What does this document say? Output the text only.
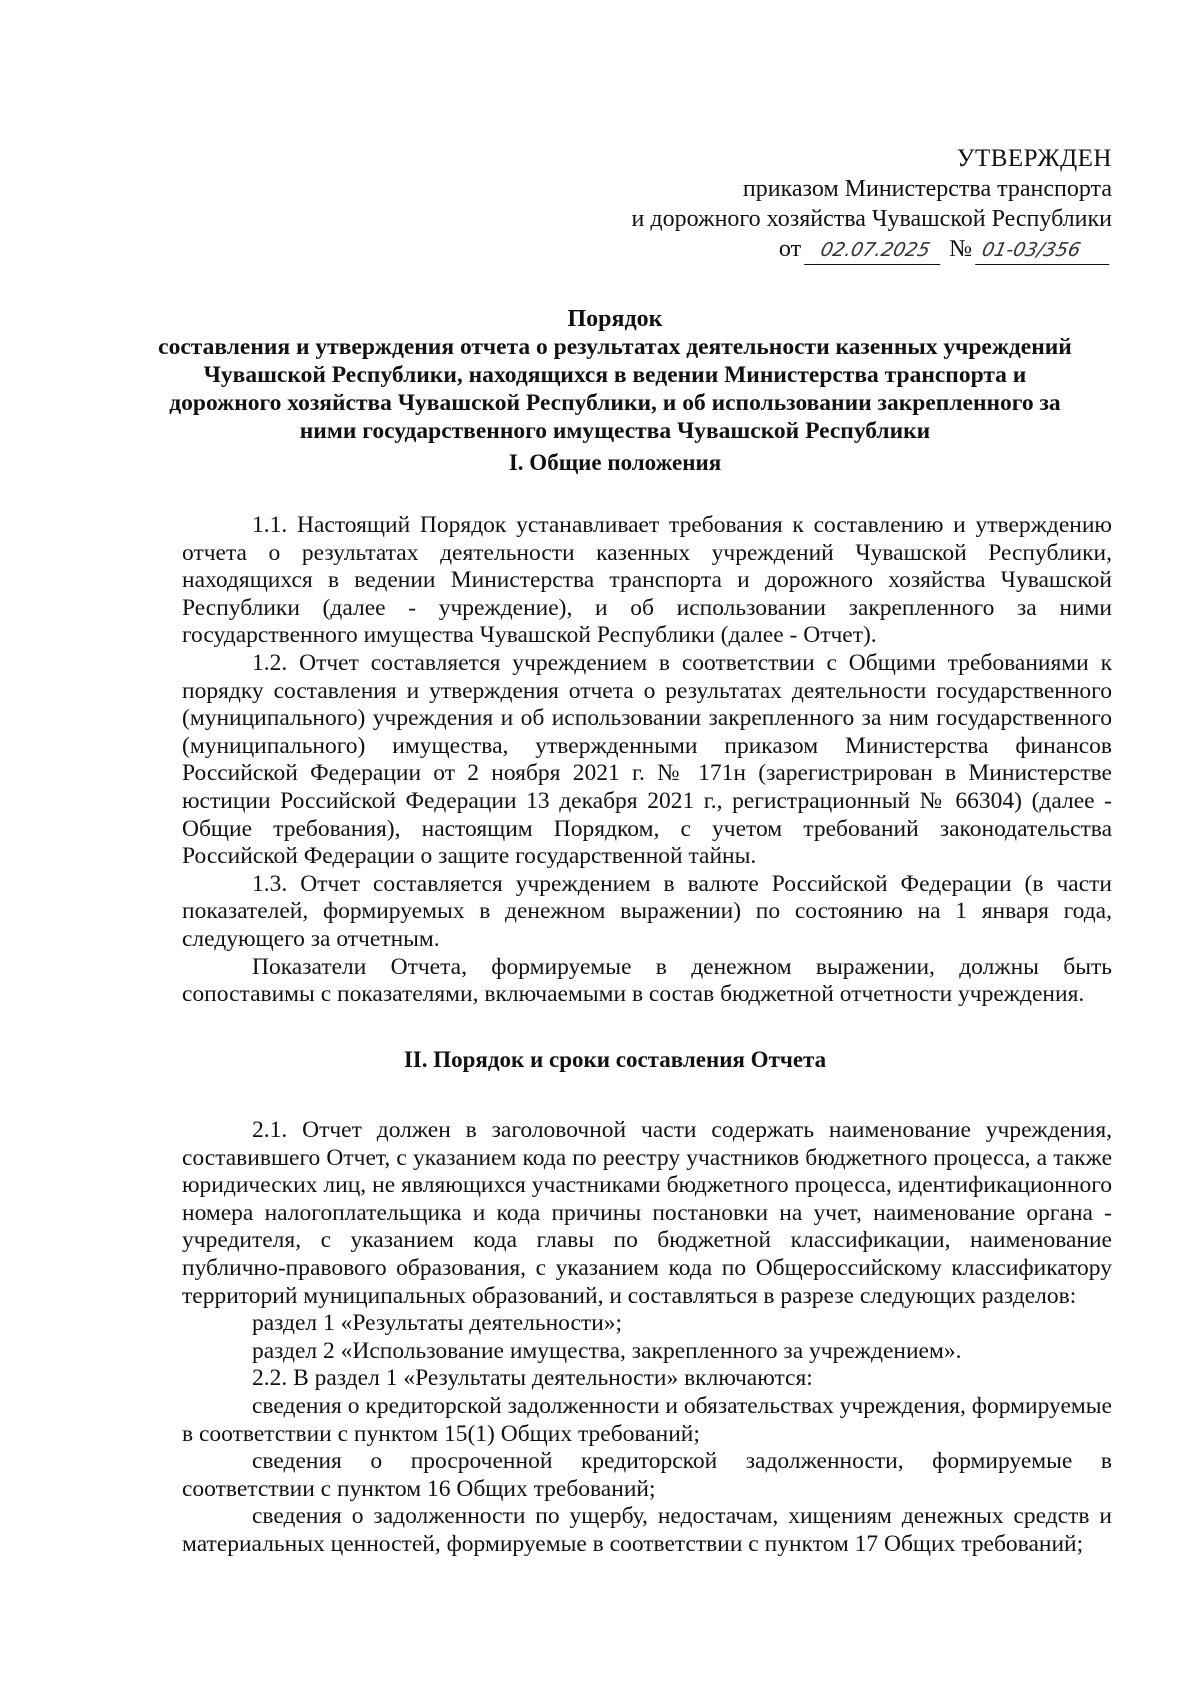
УТВЕРЖДЕН
приказом Министерства транспорта
и дорожного хозяйства Чувашской Республики
от 02.07.2025 № 01-03/356
Порядок
составления и утверждения отчета о результатах деятельности казенных учреждений Чувашской Республики, находящихся в ведении Министерства транспорта и дорожного хозяйства Чувашской Республики, и об использовании закрепленного за ними государственного имущества Чувашской Республики
I. Общие положения

1.1. Настоящий Порядок устанавливает требования к составлению и утверждению отчета о результатах деятельности казенных учреждений Чувашской Республики, находящихся в ведении Министерства транспорта и дорожного хозяйства Чувашской Республики (далее - учреждение), и об использовании закрепленного за ними государственного имущества Чувашской Республики (далее - Отчет).

1.2. Отчет составляется учреждением в соответствии с Общими требованиями к порядку составления и утверждения отчета о результатах деятельности государственного (муниципального) учреждения и об использовании закрепленного за ним государственного (муниципального) имущества, утвержденными приказом Министерства финансов Российской Федерации от 2 ноября 2021 г. № 171н (зарегистрирован в Министерстве юстиции Российской Федерации 13 декабря 2021 г., регистрационный № 66304) (далее - Общие требования), настоящим Порядком, с учетом требований законодательства Российской Федерации о защите государственной тайны.

1.3. Отчет составляется учреждением в валюте Российской Федерации (в части показателей, формируемых в денежном выражении) по состоянию на 1 января года, следующего за отчетным.

Показатели Отчета, формируемые в денежном выражении, должны быть сопоставимы с показателями, включаемыми в состав бюджетной отчетности учреждения.

II. Порядок и сроки составления Отчета

2.1. Отчет должен в заголовочной части содержать наименование учреждения, составившего Отчет, с указанием кода по реестру участников бюджетного процесса, а также юридических лиц, не являющихся участниками бюджетного процесса, идентификационного номера налогоплательщика и кода причины постановки на учет, наименование органа - учредителя, с указанием кода главы по бюджетной классификации, наименование публично-правового образования, с указанием кода по Общероссийскому классификатору территорий муниципальных образований, и составляться в разрезе следующих разделов:

раздел 1 «Результаты деятельности»;

раздел 2 «Использование имущества, закрепленного за учреждением».

2.2. В раздел 1 «Результаты деятельности» включаются:

сведения о кредиторской задолженности и обязательствах учреждения, формируемые в соответствии с пунктом 15(1) Общих требований;

сведения о просроченной кредиторской задолженности, формируемые в соответствии с пунктом 16 Общих требований;

сведения о задолженности по ущербу, недостачам, хищениям денежных средств и материальных ценностей, формируемые в соответствии с пунктом 17 Общих требований;
